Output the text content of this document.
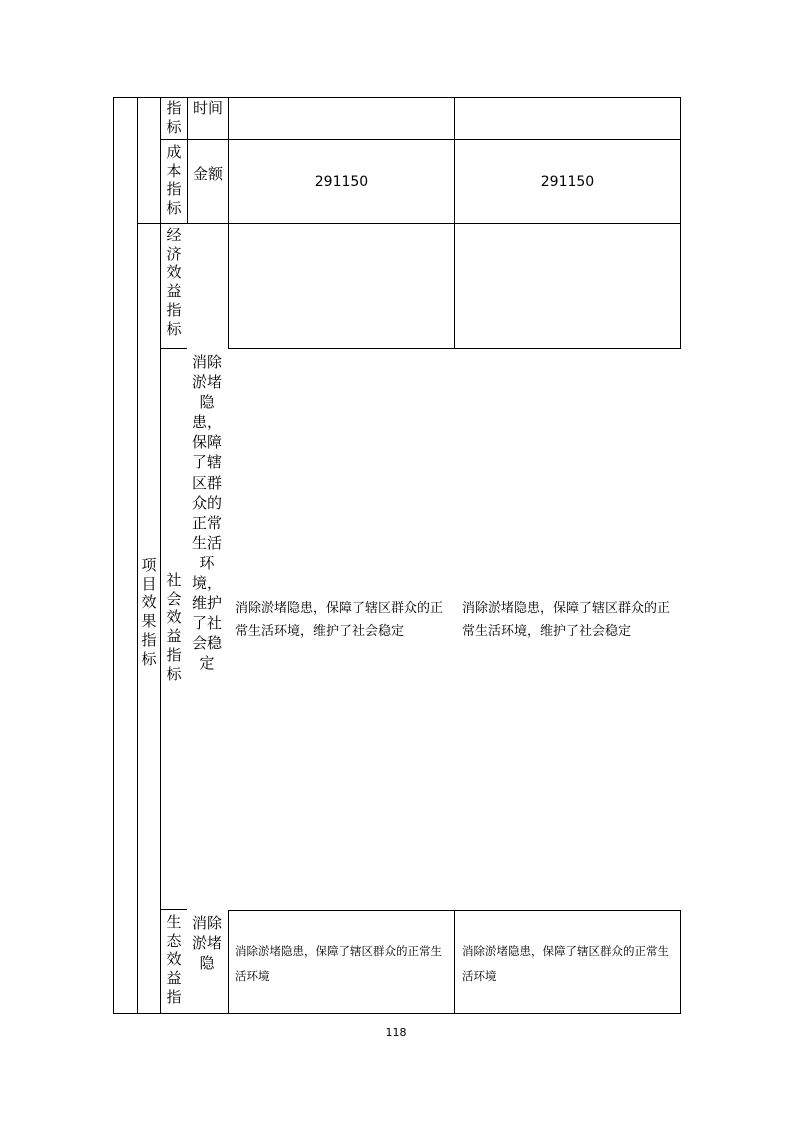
项目效果指标
指标
时间
成本指标
金额	291150	291150
经济效益指标
社会效益指标
消除淤堵隐患，保障了辖区群众的正常生活环境，维护了社会稳定
消除淤堵隐患，保障了辖区群众的正常生活环境，维护了社会稳定
消除淤堵隐患，保障了辖区群众的正常生活环境，维护了社会稳定
生态效益指
消除淤堵隐
消除淤堵隐患，保障了辖区群众的正常生活环境
消除淤堵隐患，保障了辖区群众的正常生活环境
118
